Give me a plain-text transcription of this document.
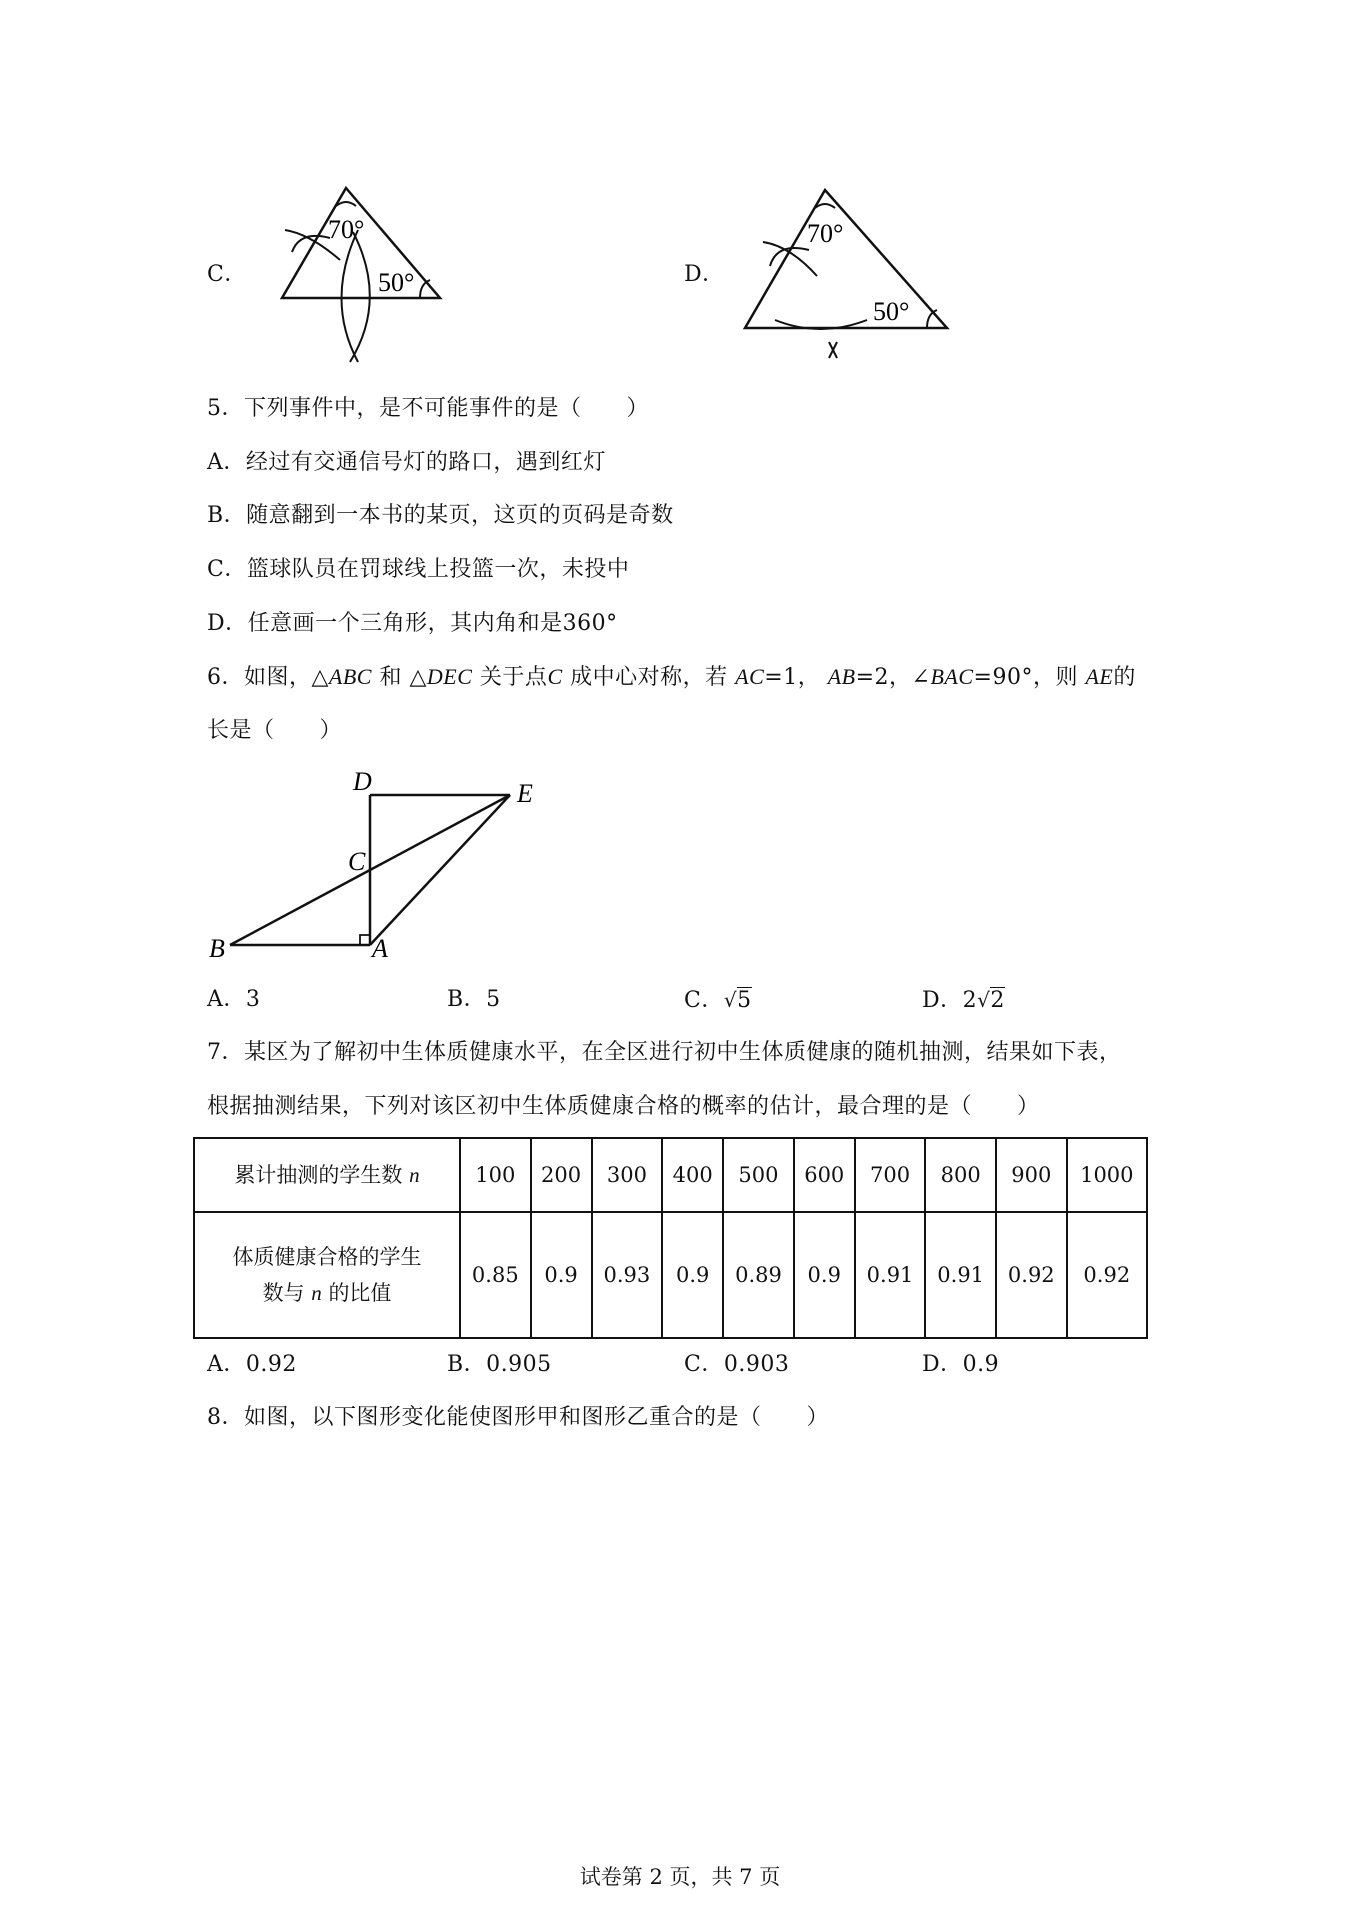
C．
70°
50°	D．
70°
50°
5．下列事件中，是不可能事件的是（　　）
A．经过有交通信号灯的路口，遇到红灯
B．随意翻到一本书的某页，这页的页码是奇数
C．篮球队员在罚球线上投篮一次，未投中
D．任意画一个三角形，其内角和是360°
6．如图，△ABC 和 △DEC 关于点C 成中心对称，若 AC=1， AB=2，∠BAC=90°，则 AE的
长是（　　）
D	E
C
B	A
A．3	B．5	C．√5	D．2√2
7．某区为了解初中生体质健康水平，在全区进行初中生体质健康的随机抽测，结果如下表，
根据抽测结果，下列对该区初中生体质健康合格的概率的估计，最合理的是（　　）
累计抽测的学生数 n	100	200	300	400	500	600	700	800	900	1000

体质健康合格的学生
数与 n 的比值	0.85	0.9	0.93	0.9	0.89	0.9	0.91	0.91	0.92	0.92
A．0.92	B．0.905	C．0.903	D．0.9
8．如图，以下图形变化能使图形甲和图形乙重合的是（　　）
试卷第 2 页，共 7 页
